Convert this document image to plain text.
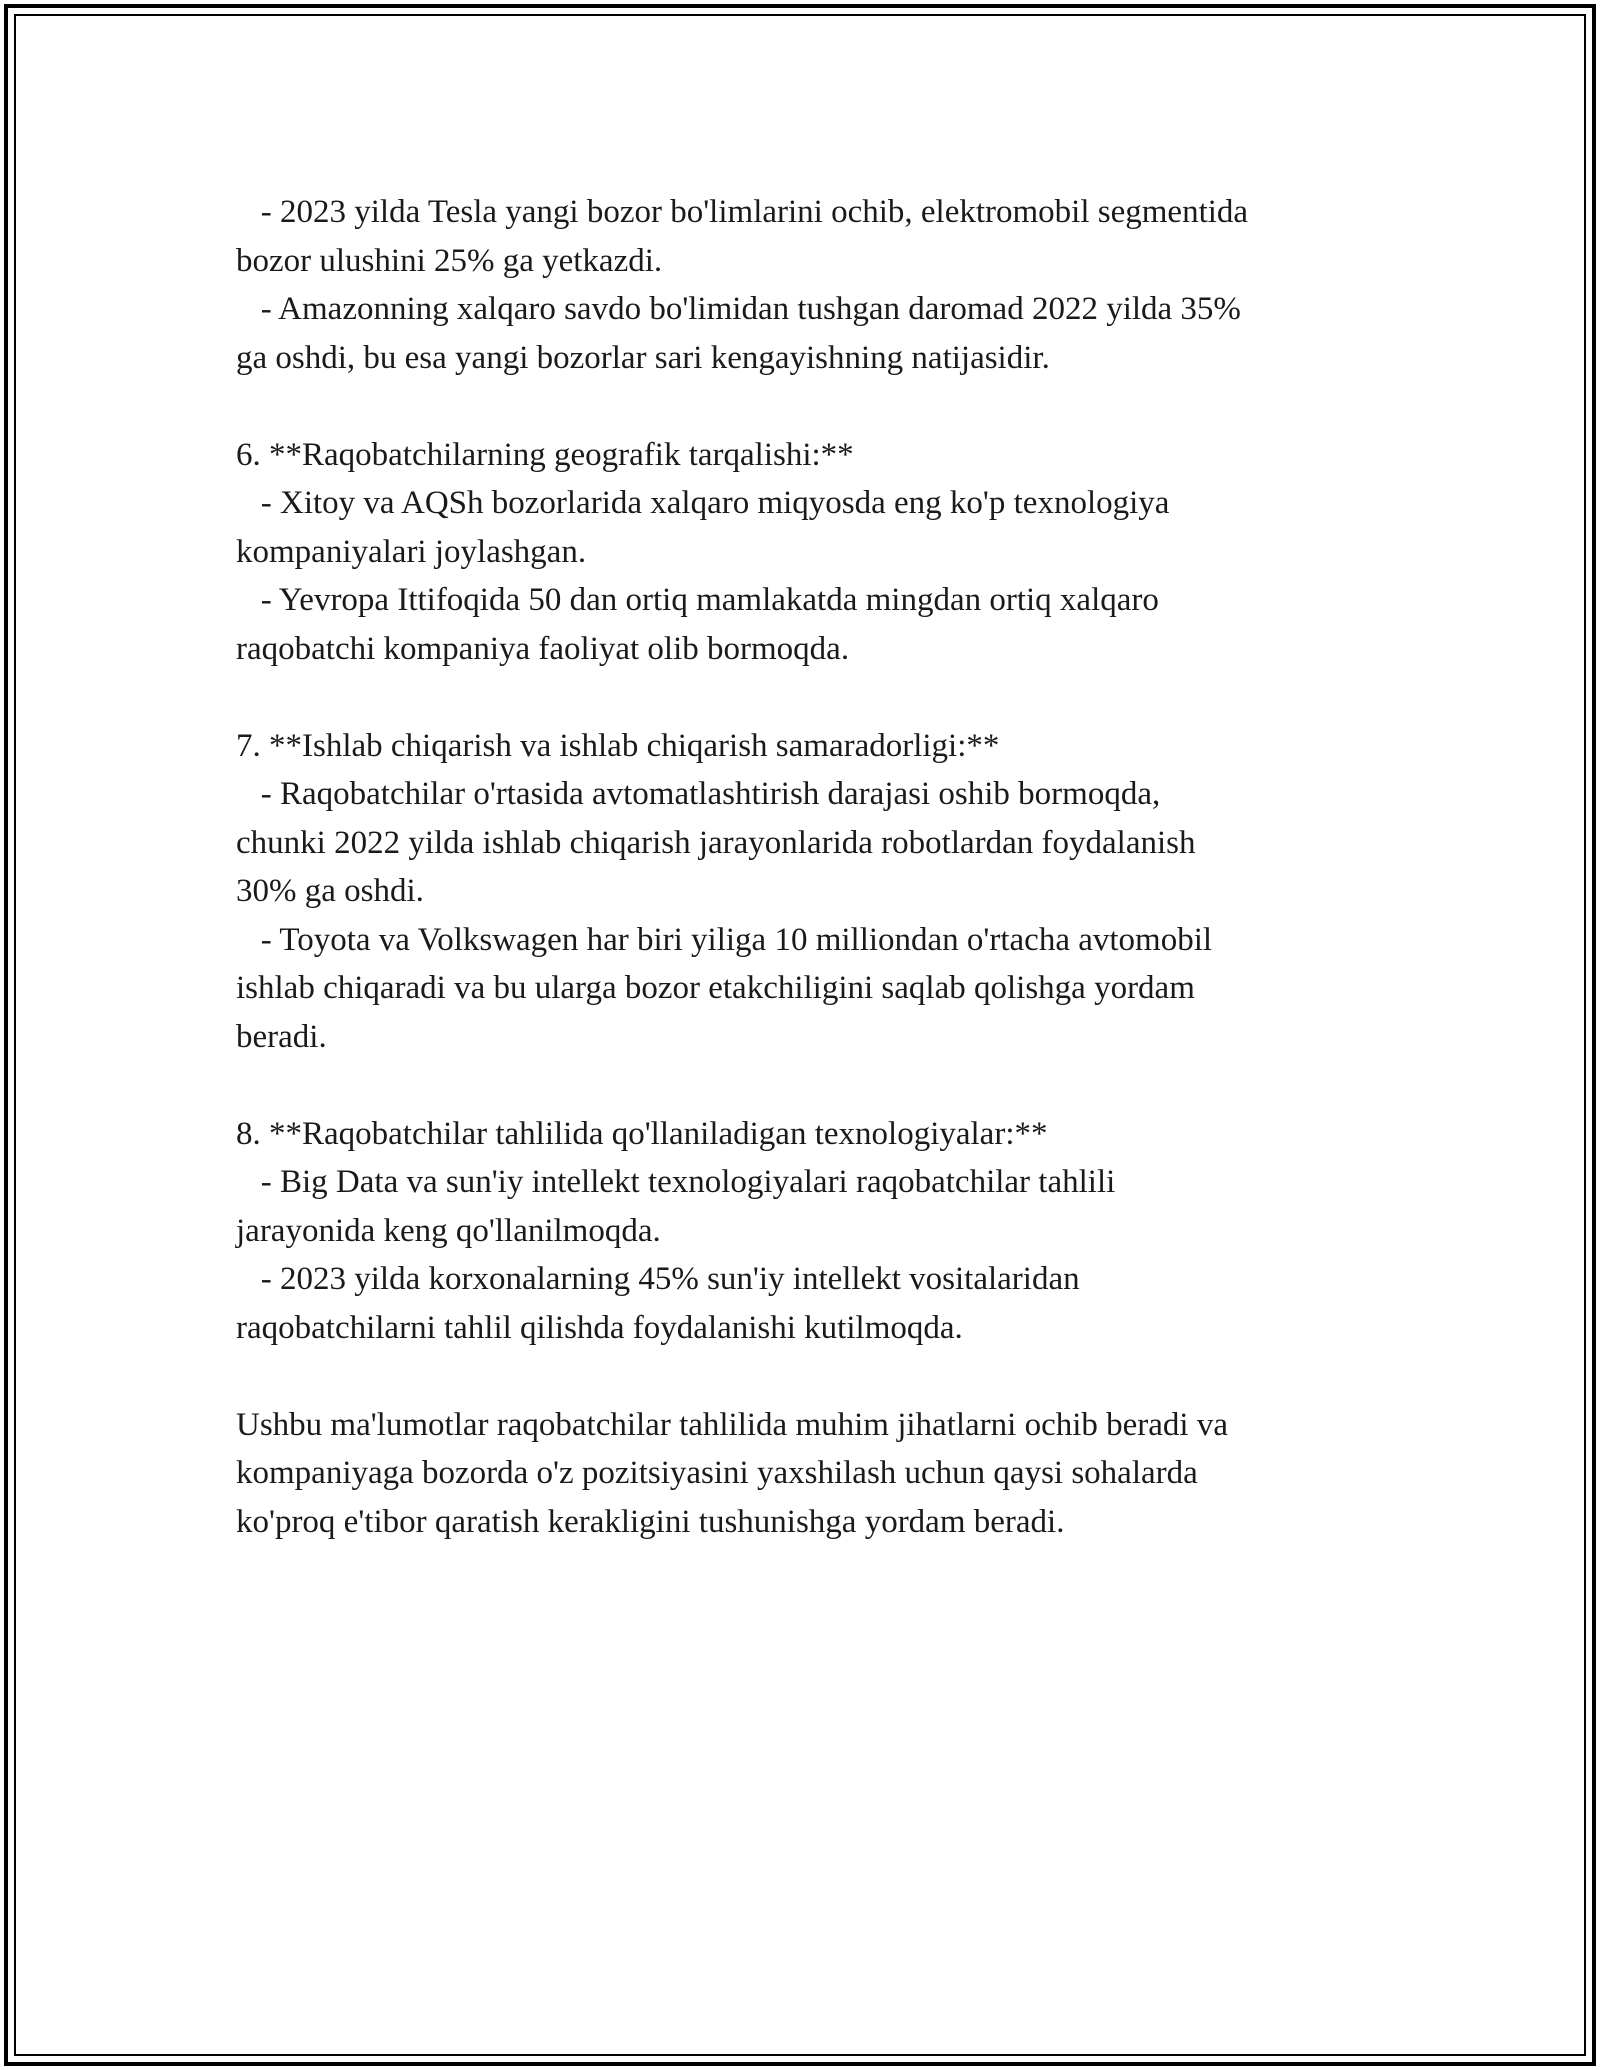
- 2023 yilda Tesla yangi bozor bo'limlarini ochib, elektromobil segmentida
bozor ulushini 25% ga yetkazdi.
- Amazonning xalqaro savdo bo'limidan tushgan daromad 2022 yilda 35%
ga oshdi, bu esa yangi bozorlar sari kengayishning natijasidir.
6. **Raqobatchilarning geografik tarqalishi:**
- Xitoy va AQSh bozorlarida xalqaro miqyosda eng ko'p texnologiya
kompaniyalari joylashgan.
- Yevropa Ittifoqida 50 dan ortiq mamlakatda mingdan ortiq xalqaro
raqobatchi kompaniya faoliyat olib bormoqda.
7. **Ishlab chiqarish va ishlab chiqarish samaradorligi:**
- Raqobatchilar o'rtasida avtomatlashtirish darajasi oshib bormoqda,
chunki 2022 yilda ishlab chiqarish jarayonlarida robotlardan foydalanish
30% ga oshdi.
- Toyota va Volkswagen har biri yiliga 10 milliondan o'rtacha avtomobil
ishlab chiqaradi va bu ularga bozor etakchiligini saqlab qolishga yordam
beradi.
8. **Raqobatchilar tahlilida qo'llaniladigan texnologiyalar:**
- Big Data va sun'iy intellekt texnologiyalari raqobatchilar tahlili
jarayonida keng qo'llanilmoqda.
- 2023 yilda korxonalarning 45% sun'iy intellekt vositalaridan
raqobatchilarni tahlil qilishda foydalanishi kutilmoqda.
Ushbu ma'lumotlar raqobatchilar tahlilida muhim jihatlarni ochib beradi va
kompaniyaga bozorda o'z pozitsiyasini yaxshilash uchun qaysi sohalarda
ko'proq e'tibor qaratish kerakligini tushunishga yordam beradi.
